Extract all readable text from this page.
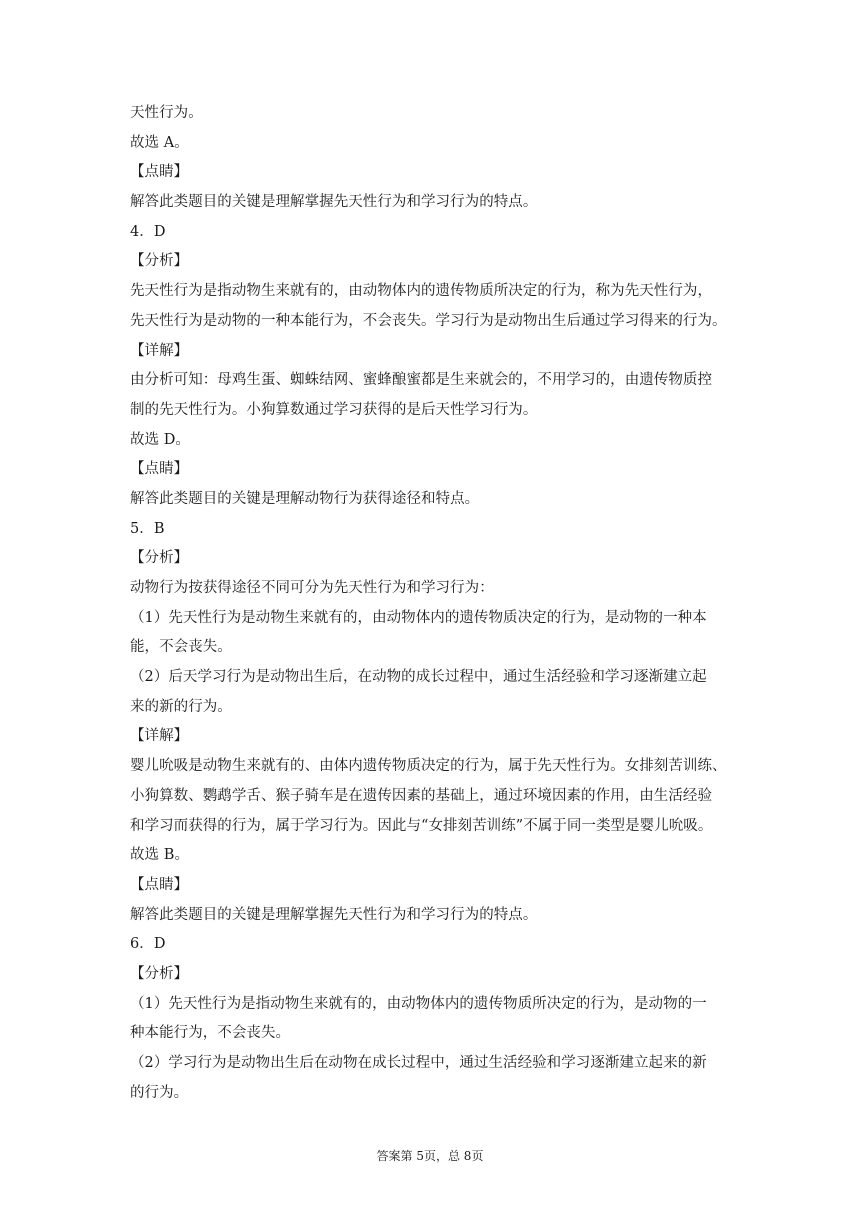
天性行为。
故选 A。
【点睛】
解答此类题目的关键是理解掌握先天性行为和学习行为的特点。
4．D
【分析】
先天性行为是指动物生来就有的，由动物体内的遗传物质所决定的行为，称为先天性行为，
先天性行为是动物的一种本能行为，不会丧失。学习行为是动物出生后通过学习得来的行为。
【详解】
由分析可知：母鸡生蛋、蜘蛛结网、蜜蜂酿蜜都是生来就会的，不用学习的，由遗传物质控
制的先天性行为。小狗算数通过学习获得的是后天性学习行为。
故选 D。
【点睛】
解答此类题目的关键是理解动物行为获得途径和特点。
5．B
【分析】
动物行为按获得途径不同可分为先天性行为和学习行为：
（1）先天性行为是动物生来就有的，由动物体内的遗传物质决定的行为，是动物的一种本
能，不会丧失。
（2）后天学习行为是动物出生后，在动物的成长过程中，通过生活经验和学习逐渐建立起
来的新的行为。
【详解】
婴儿吮吸是动物生来就有的、由体内遗传物质决定的行为，属于先天性行为。女排刻苦训练、
小狗算数、鹦鹉学舌、猴子骑车是在遗传因素的基础上，通过环境因素的作用，由生活经验
和学习而获得的行为，属于学习行为。因此与“女排刻苦训练”不属于同一类型是婴儿吮吸。
故选 B。
【点睛】
解答此类题目的关键是理解掌握先天性行为和学习行为的特点。
6．D
【分析】
（1）先天性行为是指动物生来就有的，由动物体内的遗传物质所决定的行为，是动物的一
种本能行为，不会丧失。
（2）学习行为是动物出生后在动物在成长过程中，通过生活经验和学习逐渐建立起来的新
的行为。
答案第 5页，总 8页
